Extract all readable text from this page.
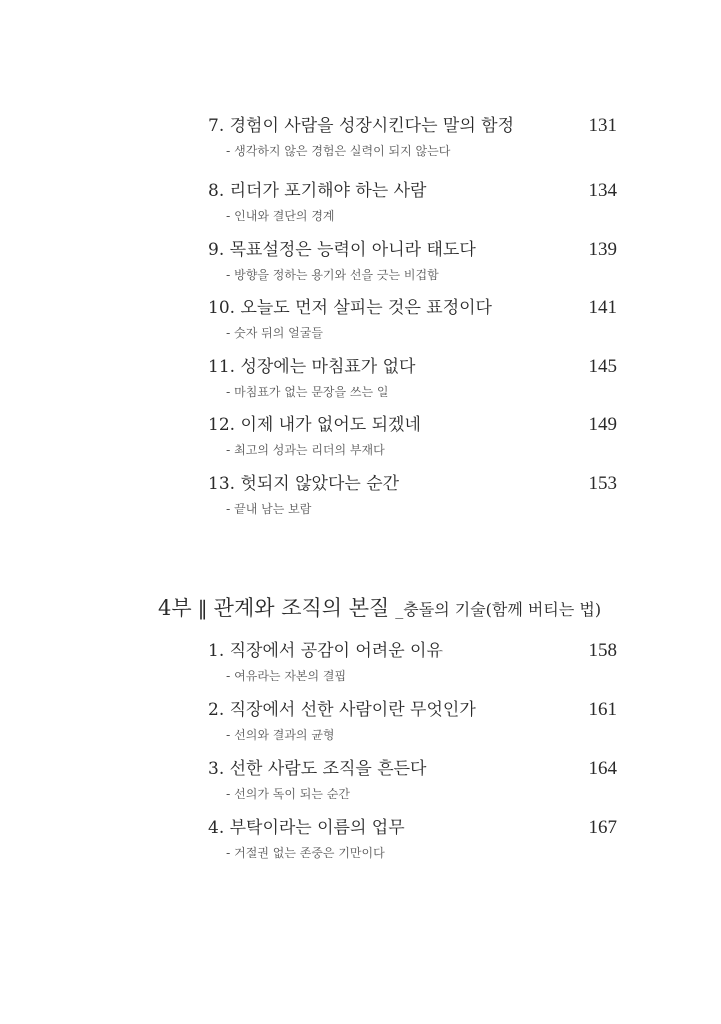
7. 경험이 사람을 성장시킨다는 말의 함정	131
- 생각하지 않은 경험은 실력이 되지 않는다
8. 리더가 포기해야 하는 사람	134
- 인내와 결단의 경계
9. 목표설정은 능력이 아니라 태도다	139
- 방향을 정하는 용기와 선을 긋는 비겁함
10. 오늘도 먼저 살피는 것은 표정이다	141
- 숫자 뒤의 얼굴들
11. 성장에는 마침표가 없다	145
- 마침표가 없는 문장을 쓰는 일
12. 이제 내가 없어도 되겠네	149
- 최고의 성과는 리더의 부재다
13. 헛되지 않았다는 순간	153
- 끝내 남는 보람
4부 ‖ 관계와 조직의 본질 _충돌의 기술(함께 버티는 법)
1. 직장에서 공감이 어려운 이유	158
- 여유라는 자본의 결핍
2. 직장에서 선한 사람이란 무엇인가	161
- 선의와 결과의 균형
3. 선한 사람도 조직을 흔든다	164
- 선의가 독이 되는 순간
4. 부탁이라는 이름의 업무	167
- 거절권 없는 존중은 기만이다
